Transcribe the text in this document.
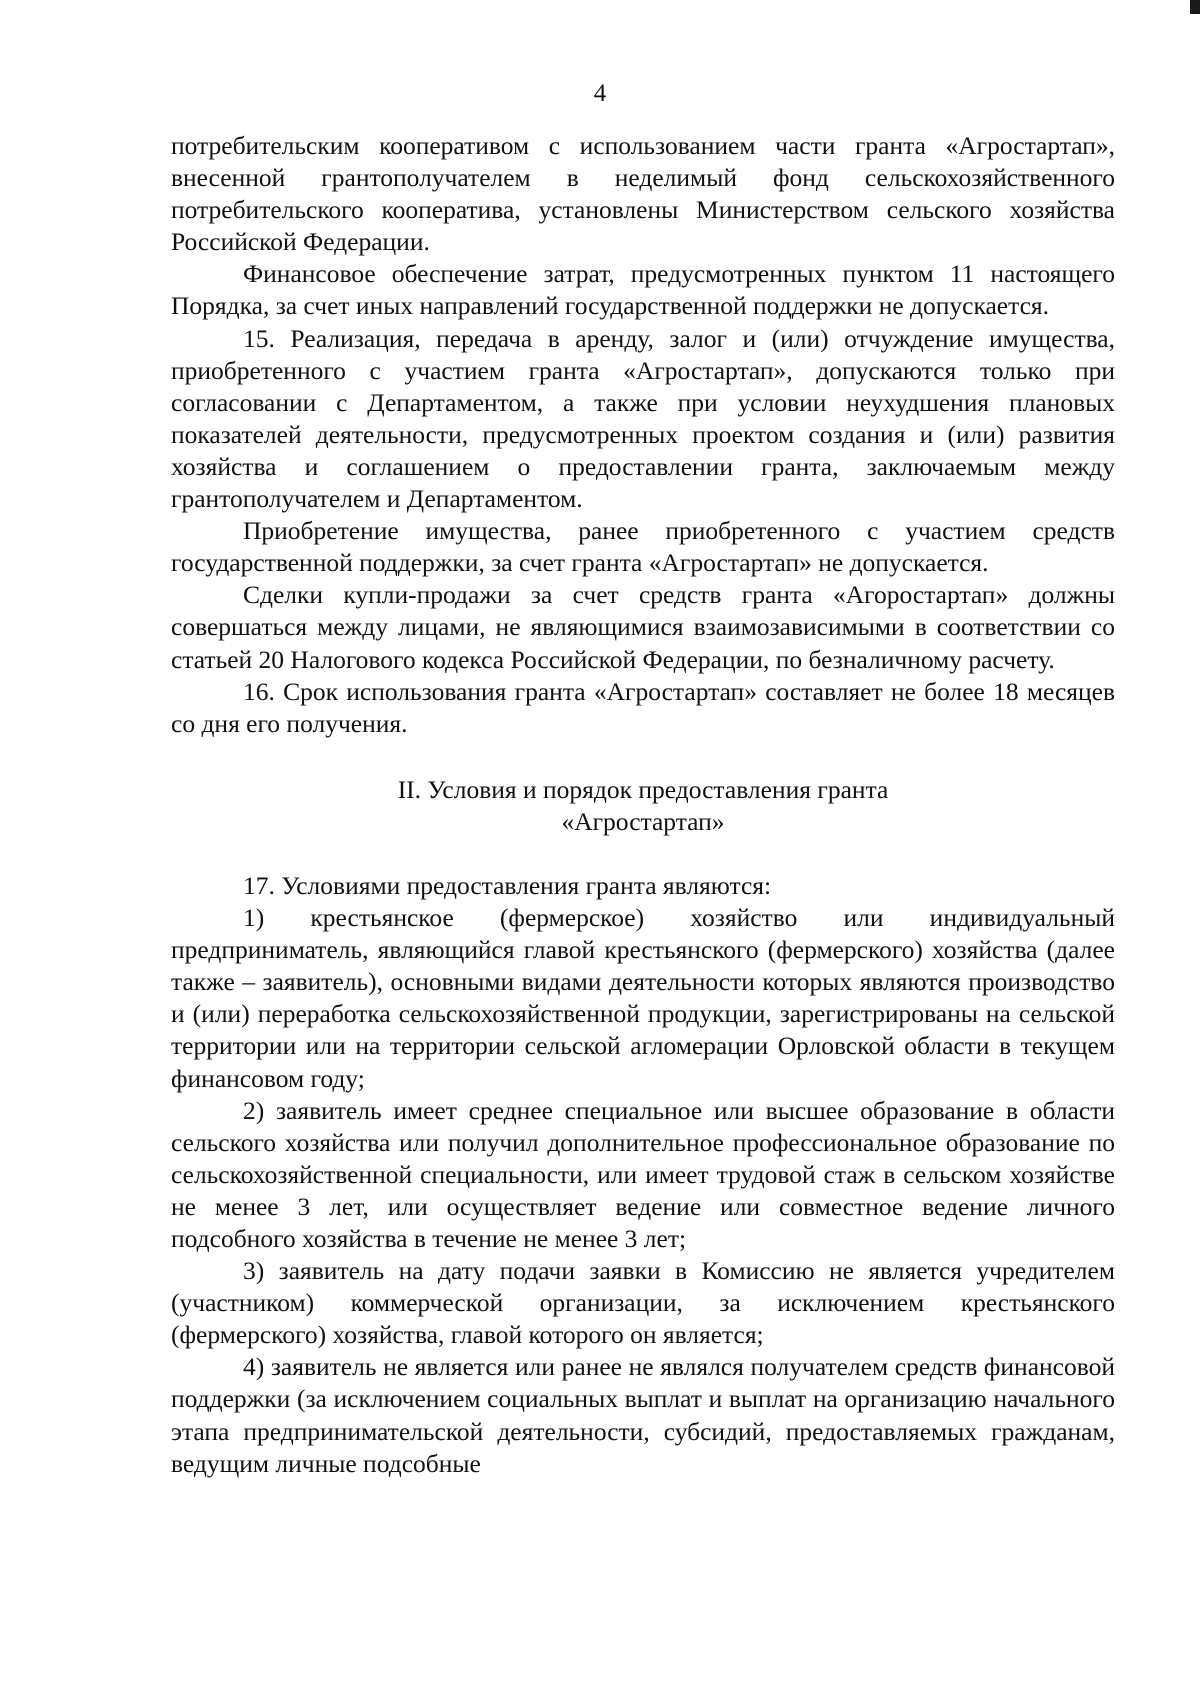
4

потребительским кооперативом с использованием части гранта «Агростартап», внесенной грантополучателем в неделимый фонд сельскохозяйственного потребительского кооператива, установлены Министерством сельского хозяйства Российской Федерации.

Финансовое обеспечение затрат, предусмотренных пунктом 11 настоящего Порядка, за счет иных направлений государственной поддержки не допускается.

15. Реализация, передача в аренду, залог и (или) отчуждение имущества, приобретенного с участием гранта «Агростартап», допускаются только при согласовании с Департаментом, а также при условии неухудшения плановых показателей деятельности, предусмотренных проектом создания и (или) развития хозяйства и соглашением о предоставлении гранта, заключаемым между грантополучателем и Департаментом.

Приобретение имущества, ранее приобретенного с участием средств государственной поддержки, за счет гранта «Агростартап» не допускается.

Сделки купли-продажи за счет средств гранта «Агоростартап» должны совершаться между лицами, не являющимися взаимозависимыми в соответствии со статьей 20 Налогового кодекса Российской Федерации, по безналичному расчету.

16. Срок использования гранта «Агростартап» составляет не более 18 месяцев со дня его получения.

II. Условия и порядок предоставления гранта
«Агростартап»

17. Условиями предоставления гранта являются:

1) крестьянское (фермерское) хозяйство или индивидуальный предприниматель, являющийся главой крестьянского (фермерского) хозяйства (далее также – заявитель), основными видами деятельности которых являются производство и (или) переработка сельскохозяйственной продукции, зарегистрированы на сельской территории или на территории сельской агломерации Орловской области в текущем финансовом году;

2) заявитель имеет среднее специальное или высшее образование в области сельского хозяйства или получил дополнительное профессиональное образование по сельскохозяйственной специальности, или имеет трудовой стаж в сельском хозяйстве не менее 3 лет, или осуществляет ведение или совместное ведение личного подсобного хозяйства в течение не менее 3 лет;

3) заявитель на дату подачи заявки в Комиссию не является учредителем (участником) коммерческой организации, за исключением крестьянского (фермерского) хозяйства, главой которого он является;

4) заявитель не является или ранее не являлся получателем средств финансовой поддержки (за исключением социальных выплат и выплат на организацию начального этапа предпринимательской деятельности, субсидий, предоставляемых гражданам, ведущим личные подсобные
